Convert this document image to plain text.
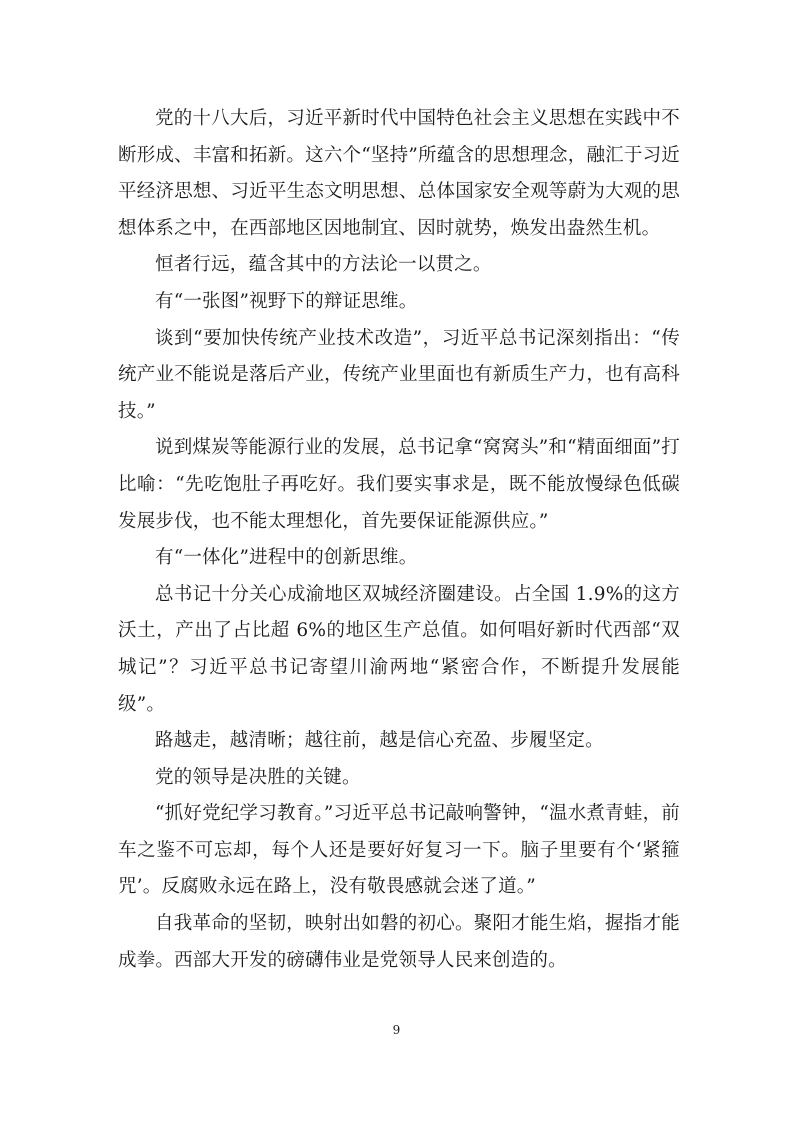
党的十八大后，习近平新时代中国特色社会主义思想在实践中不断形成、丰富和拓新。这六个“坚持”所蕴含的思想理念，融汇于习近平经济思想、习近平生态文明思想、总体国家安全观等蔚为大观的思想体系之中，在西部地区因地制宜、因时就势，焕发出盎然生机。

恒者行远，蕴含其中的方法论一以贯之。

有“一张图”视野下的辩证思维。

谈到“要加快传统产业技术改造”，习近平总书记深刻指出：“传统产业不能说是落后产业，传统产业里面也有新质生产力，也有高科技。”

说到煤炭等能源行业的发展，总书记拿“窝窝头”和“精面细面”打比喻：“先吃饱肚子再吃好。我们要实事求是，既不能放慢绿色低碳发展步伐，也不能太理想化，首先要保证能源供应。”

有“一体化”进程中的创新思维。

总书记十分关心成渝地区双城经济圈建设。占全国 1.9%的这方沃土，产出了占比超 6%的地区生产总值。如何唱好新时代西部“双城记”？习近平总书记寄望川渝两地“紧密合作，不断提升发展能级”。

路越走，越清晰；越往前，越是信心充盈、步履坚定。

党的领导是决胜的关键。

“抓好党纪学习教育。”习近平总书记敲响警钟，“温水煮青蛙，前车之鉴不可忘却，每个人还是要好好复习一下。脑子里要有个‘紧箍咒’。反腐败永远在路上，没有敬畏感就会迷了道。”

自我革命的坚韧，映射出如磐的初心。聚阳才能生焰，握指才能成拳。西部大开发的磅礴伟业是党领导人民来创造的。

9
